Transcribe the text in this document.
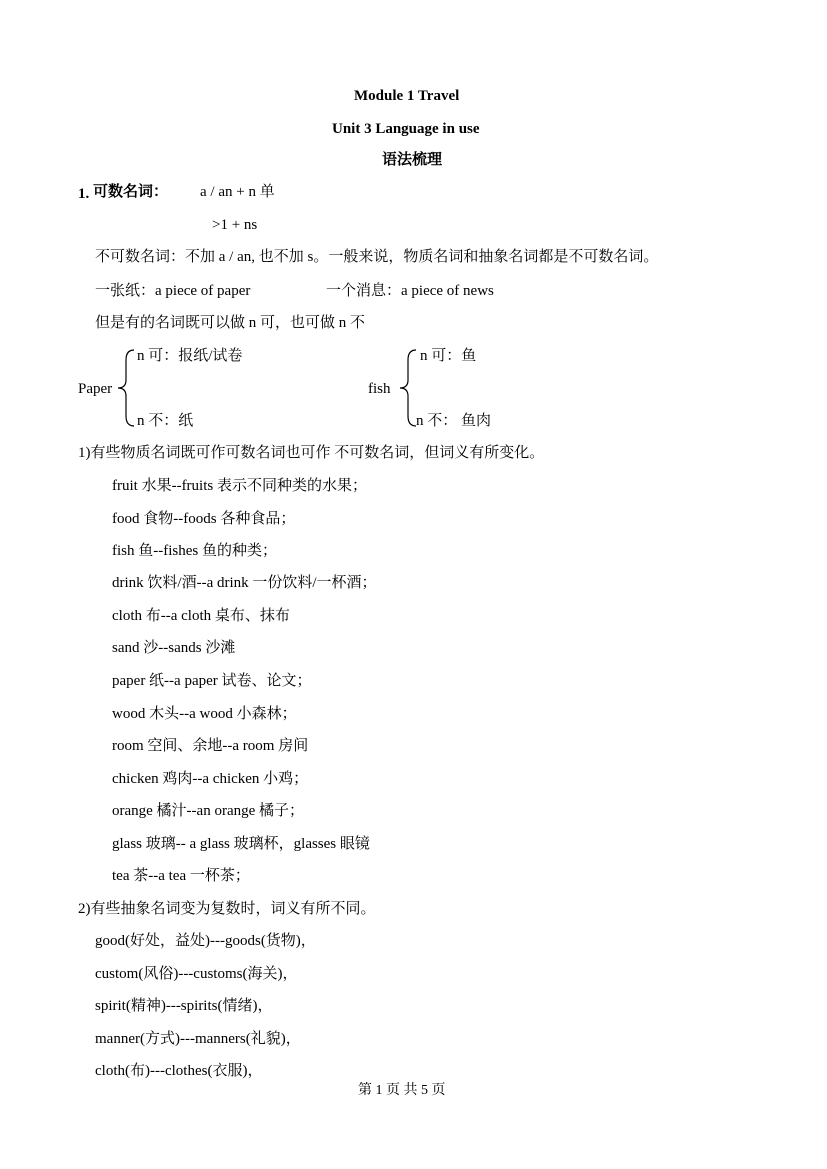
Module 1 Travel
Unit 3 Language in use
语法梳理
1. 可数名词： a / an + n 单
>1 + ns
不可数名词：不加 a / an, 也不加 s。一般来说，物质名词和抽象名词都是不可数名词。
一张纸：a piece of paper	一个消息：a piece of news
但是有的名词既可以做 n 可，也可做 n 不
Paper
n 可：报纸/试卷
n 不：纸
fish
n 可：鱼
n 不： 鱼肉
1)有些物质名词既可作可数名词也可作 不可数名词，但词义有所变化。
fruit 水果--fruits 表示不同种类的水果；
food 食物--foods 各种食品；
fish 鱼--fishes 鱼的种类；
drink 饮料/酒--a drink 一份饮料/一杯酒；
cloth 布--a cloth 桌布、抹布
sand 沙--sands 沙滩
paper 纸--a paper 试卷、论文；
wood 木头--a wood 小森林；
room 空间、余地--a room 房间
chicken 鸡肉--a chicken 小鸡；
orange 橘汁--an orange 橘子；
glass 玻璃-- a glass 玻璃杯，glasses 眼镜
tea 茶--a tea 一杯茶；
2)有些抽象名词变为复数时，词义有所不同。
good(好处，益处)---goods(货物)，
custom(风俗)---customs(海关)，
spirit(精神)---spirits(情绪)，
manner(方式)---manners(礼貌)，
cloth(布)---clothes(衣服)，
第 1 页 共 5 页
